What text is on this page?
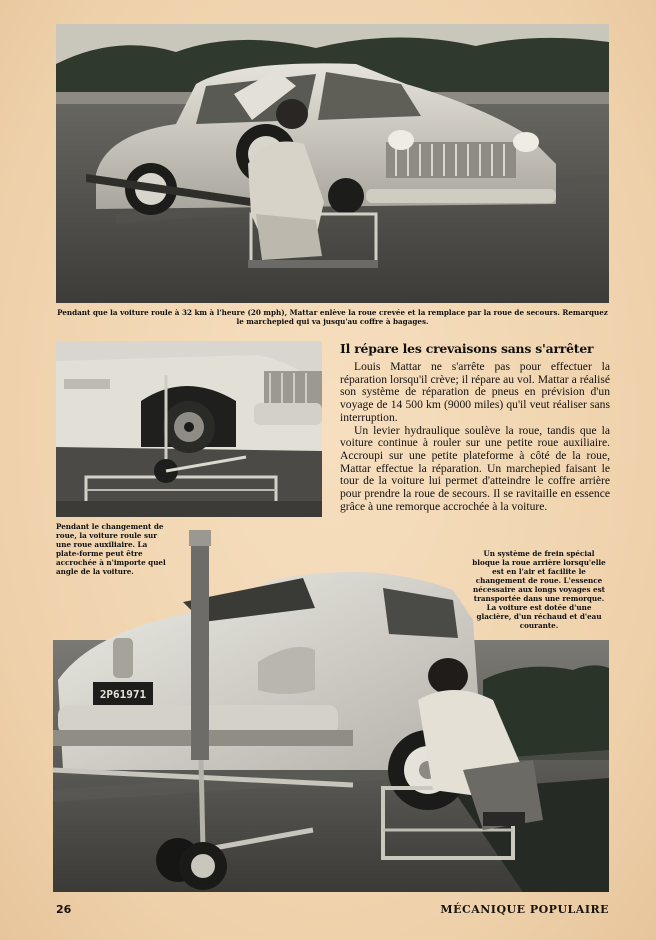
Pendant que la voiture roule à 32 km à l'heure (20 mph), Mattar enlève la roue crevée et la remplace par la roue de secours. Remarquez le marchepied qui va jusqu'au coffre à bagages.
Pendant le changement de roue, la voiture roule sur une roue auxiliaire. La plate-forme peut être accrochée à n'importe quel angle de la voiture.
Il répare les crevaisons sans s'arrêter

Louis Mattar ne s'arrête pas pour effectuer la réparation lorsqu'il crève; il répare au vol. Mattar a réalisé son système de réparation de pneus en prévision d'un voyage de 14 500 km (9000 miles) qu'il veut réaliser sans interruption.

Un levier hydraulique soulève la roue, tandis que la voiture continue à rouler sur une petite roue auxiliaire. Accroupi sur une petite plateforme à côté de la roue, Mattar effectue la réparation. Un marchepied faisant le tour de la voiture lui permet d'atteindre le coffre arrière pour prendre la roue de secours. Il se ravitaille en essence grâce à une remorque accrochée à la voiture.

2P61971
Un système de frein spécial bloque la roue arrière lorsqu'elle est en l'air et facilite le changement de roue. L'essence nécessaire aux longs voyages est transportée dans une remorque. La voiture est dotée d'une glacière, d'un réchaud et d'eau courante.
26	MÉCANIQUE POPULAIRE
